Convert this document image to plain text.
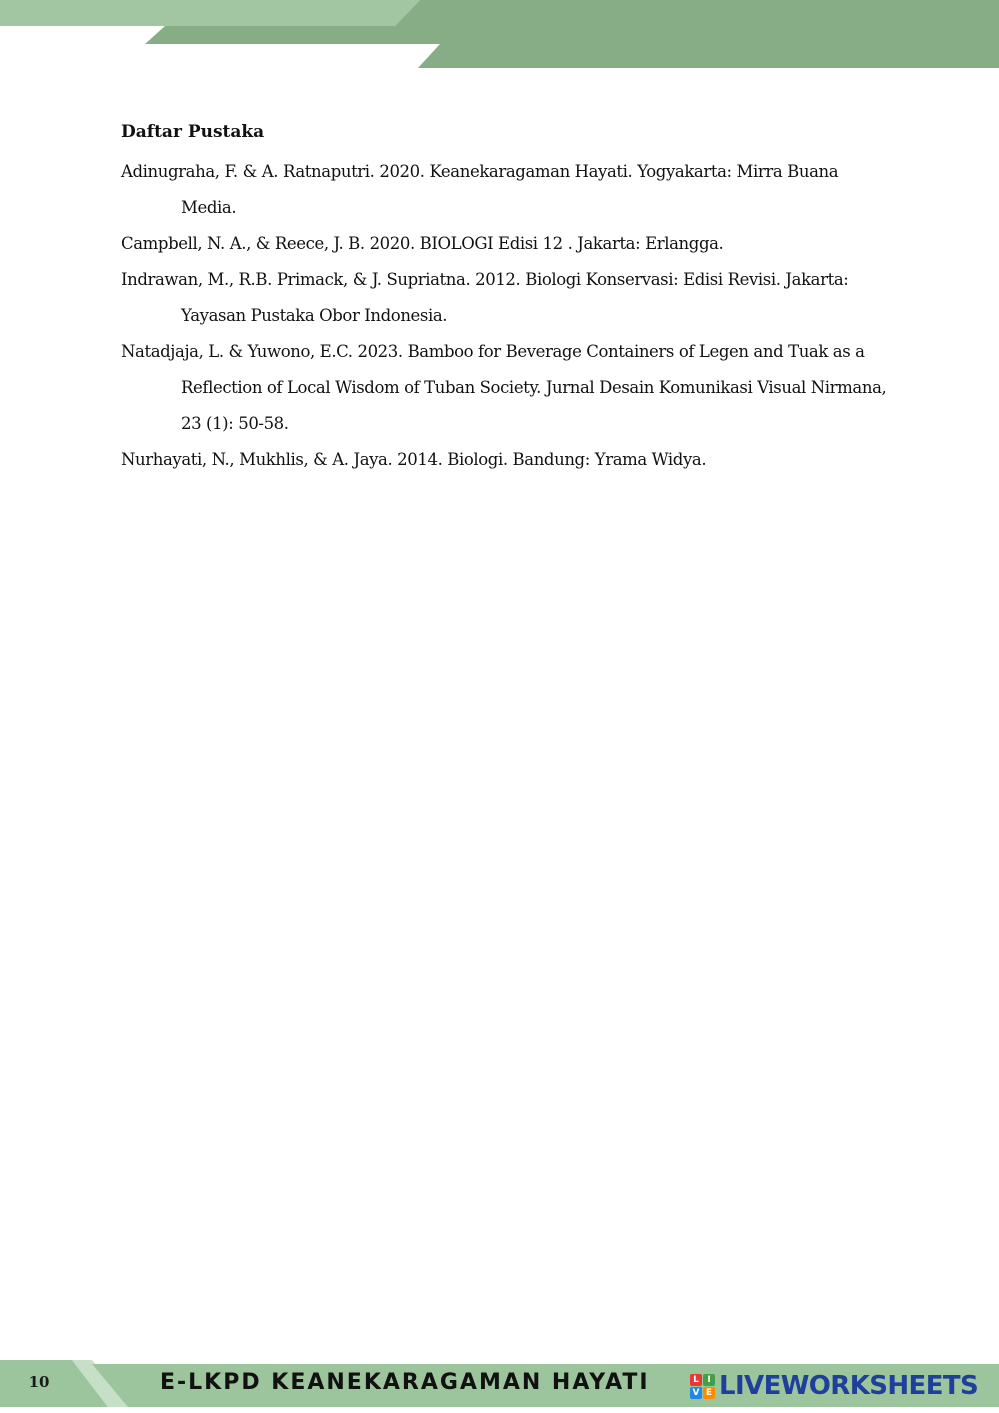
Daftar Pustaka

Adinugraha, F. & A. Ratnaputri. 2020. Keanekaragaman Hayati. Yogyakarta: Mirra Buana Media.

Campbell, N. A., & Reece, J. B. 2020. BIOLOGI Edisi 12 . Jakarta: Erlangga.

Indrawan, M., R.B. Primack, & J. Supriatna. 2012. Biologi Konservasi: Edisi Revisi. Jakarta: Yayasan Pustaka Obor Indonesia.

Natadjaja, L. & Yuwono, E.C. 2023. Bamboo for Beverage Containers of Legen and Tuak as a Reflection of Local Wisdom of Tuban Society. Jurnal Desain Komunikasi Visual Nirmana, 23 (1): 50-58.

Nurhayati, N., Mukhlis, & A. Jaya. 2014. Biologi. Bandung: Yrama Widya.

10	E-LKPD KEANEKARAGAMAN HAYATI	L I
V E LIVEWORKSHEETS
